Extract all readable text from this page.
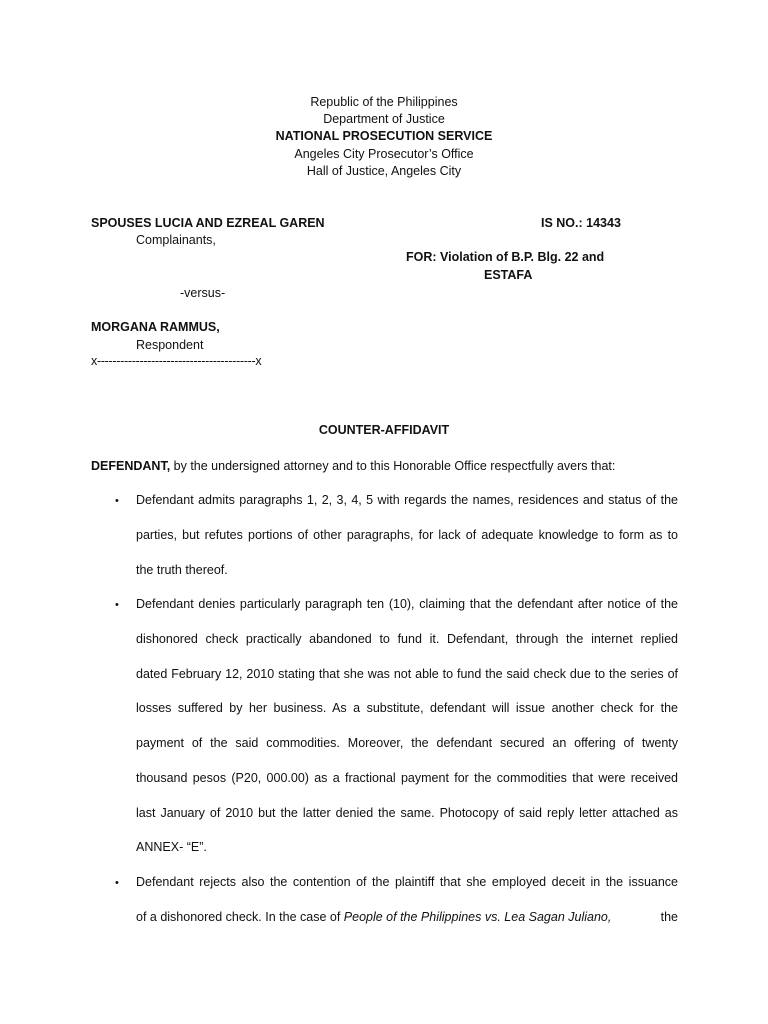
Republic of the Philippines
Department of Justice
NATIONAL PROSECUTION SERVICE
Angeles City Prosecutor’s Office
Hall of Justice, Angeles City
SPOUSES LUCIA AND EZREAL GAREN
Complainants,
IS NO.: 14343
FOR: Violation of B.P. Blg. 22 and
ESTAFA
-versus-
MORGANA RAMMUS,
Respondent
x-----------------------------------------x
COUNTER-AFFIDAVIT
DEFENDANT, by the undersigned attorney and to this Honorable Office respectfully avers that:
• Defendant admits paragraphs 1, 2, 3, 4, 5 with regards the names, residences and status of the
parties, but refutes portions of other paragraphs, for lack of adequate knowledge to form as to
the truth thereof.
• Defendant denies particularly paragraph ten (10), claiming that the defendant after notice of the
dishonored check practically abandoned to fund it. Defendant, through the internet replied
dated February 12, 2010 stating that she was not able to fund the said check due to the series of
losses suffered by her business. As a substitute, defendant will issue another check for the
payment of the said commodities. Moreover, the defendant secured an offering of twenty
thousand pesos (P20, 000.00) as a fractional payment for the commodities that were received
last January of 2010 but the latter denied the same. Photocopy of said reply letter attached as
ANNEX- “E”.
• Defendant rejects also the contention of the plaintiff that she employed deceit in the issuance
of a dishonored check. In the case of People of the Philippines vs. Lea Sagan Juliano,	the
